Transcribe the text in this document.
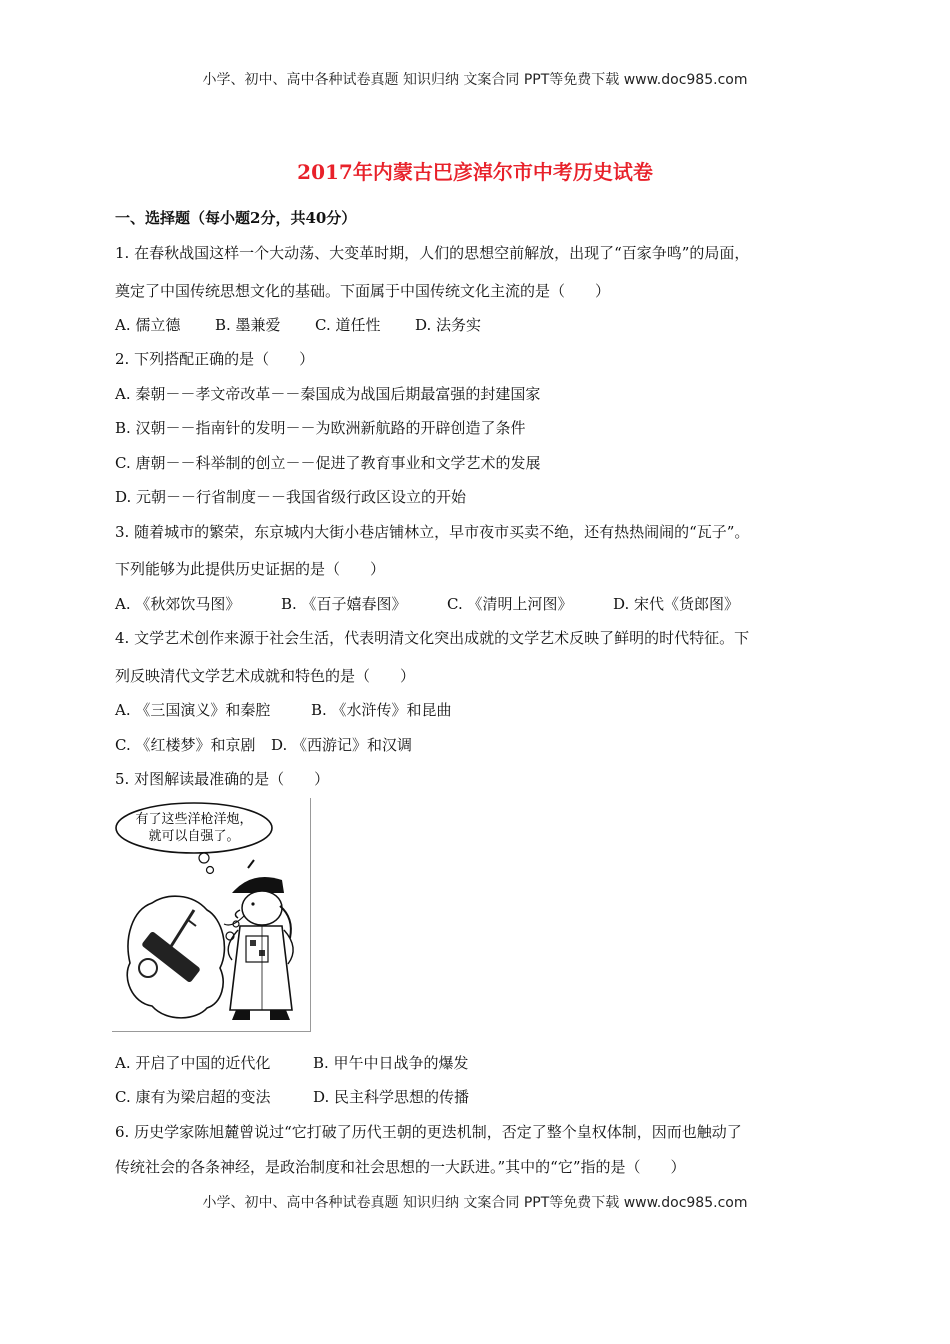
小学、初中、高中各种试卷真题 知识归纳 文案合同 PPT等免费下载 www.doc985.com
2017年内蒙古巴彦淖尔市中考历史试卷
一、选择题（每小题2分，共40分）
1. 在春秋战国这样一个大动荡、大变革时期，人们的思想空前解放，出现了“百家争鸣”的局面，
奠定了中国传统思想文化的基础。下面属于中国传统文化主流的是（　　）
A. 儒立德 B. 墨兼爱 C. 道任性 D. 法务实
2. 下列搭配正确的是（　　）
A. 秦朝－－孝文帝改革－－秦国成为战国后期最富强的封建国家
B. 汉朝－－指南针的发明－－为欧洲新航路的开辟创造了条件
C. 唐朝－－科举制的创立－－促进了教育事业和文学艺术的发展
D. 元朝－－行省制度－－我国省级行政区设立的开始
3. 随着城市的繁荣，东京城内大街小巷店铺林立，早市夜市买卖不绝，还有热热闹闹的“瓦子”。
下列能够为此提供历史证据的是（　　）
A. 《秋郊饮马图》	B. 《百子嬉春图》	C. 《清明上河图》	D. 宋代《货郎图》
4. 文学艺术创作来源于社会生活，代表明清文化突出成就的文学艺术反映了鲜明的时代特征。下
列反映清代文学艺术成就和特色的是（　　）
A. 《三国演义》和秦腔	B. 《水浒传》和昆曲
C. 《红楼梦》和京剧 D. 《西游记》和汉调
5. 对图解读最准确的是（　　）
有了这些洋枪洋炮，
就可以自强了。
A. 开启了中国的近代化	B. 甲午中日战争的爆发
C. 康有为梁启超的变法	D. 民主科学思想的传播
6. 历史学家陈旭麓曾说过“它打破了历代王朝的更迭机制，否定了整个皇权体制，因而也触动了
传统社会的各条神经，是政治制度和社会思想的一大跃进。”其中的“它”指的是（　　）
小学、初中、高中各种试卷真题 知识归纳 文案合同 PPT等免费下载 www.doc985.com
